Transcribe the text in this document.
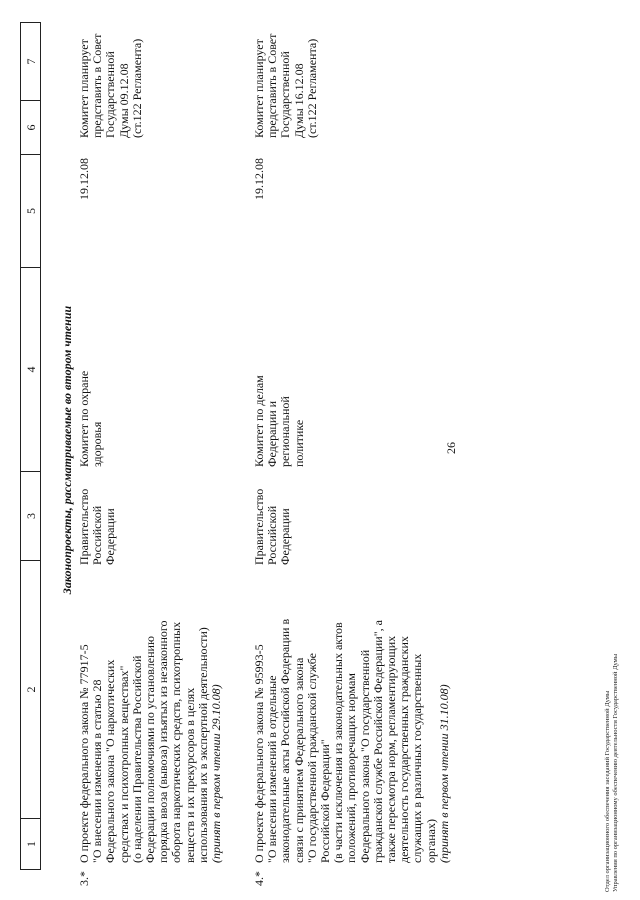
1
2
3
4
5
6
7
26
Законопроекты, рассматриваемые во втором чтении
3.*
О проекте федерального закона № 77917-5 "О внесении изменения в статью 28 Федерального закона "О наркотических средствах и психотропных веществах" (о наделении Правительства Российской Федерации полномочиями по установлению порядка ввоза (вывоза) изъятых из незаконного оборота наркотических средств, психотропных веществ и их прекурсоров в целях использования их в экспертной деятельности) (принят в первом чтении 29.10.08)
Правительство Российской Федерации
Комитет по охране здоровья
19.12.08
Комитет планирует представить в Совет Государственной Думы 09.12.08 (ст.122 Регламента)
4.*
О проекте федерального закона № 95993-5 "О внесении изменений в отдельные законодательные акты Российской Федерации в связи с принятием Федерального закона "О государственной гражданской службе Российской Федерации" (в части исключения из законодательных актов положений, противоречащих нормам Федерального закона "О государственной гражданской службе Российской Федерации", а также пересмотра норм, регламентирующих деятельность государственных гражданских служащих в различных государственных органах) (принят в первом чтении 31.10.08)
Правительство Российской Федерации
Комитет по делам Федерации и региональной политике
19.12.08
Комитет планирует представить в Совет Государственной Думы 16.12.08 (ст.122 Регламента)
Отдел организационного обеспечения заседаний Государственной Думы Управления по организационному обеспечению деятельности Государственной Думы
